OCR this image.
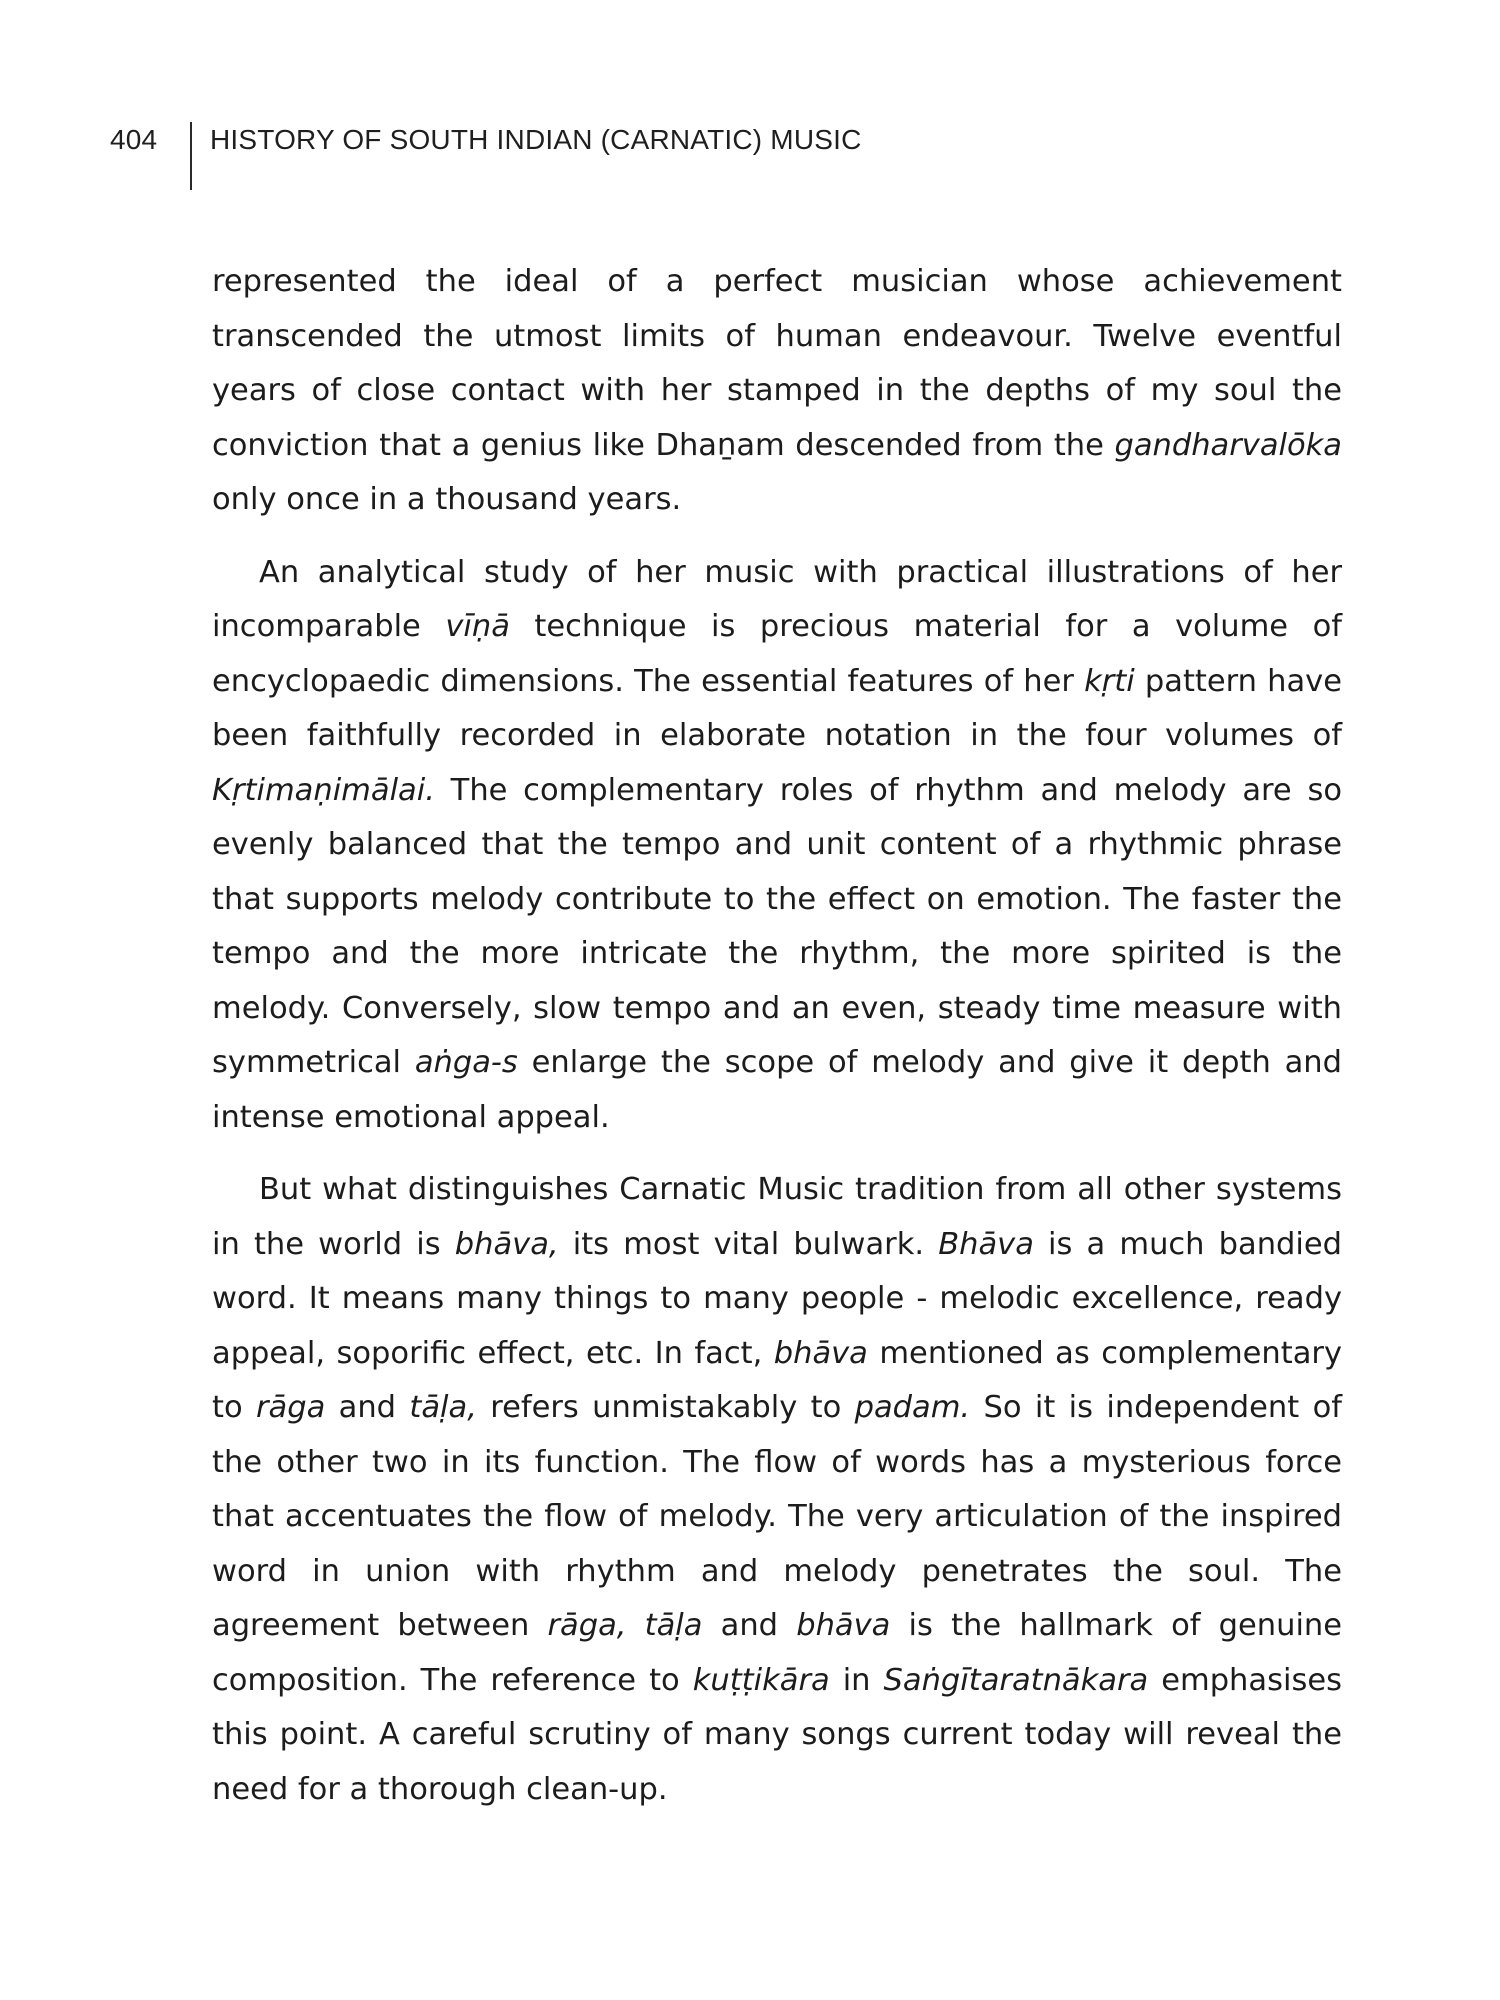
404 HISTORY OF SOUTH INDIAN (CARNATIC) MUSIC

represented the ideal of a perfect musician whose achievement transcended the utmost limits of human endeavour. Twelve eventful years of close contact with her stamped in the depths of my soul the conviction that a genius like Dhaṉam descended from the gandharvalōka only once in a thousand years.

An analytical study of her music with practical illustrations of her incomparable vīṇā technique is precious material for a volume of encyclopaedic dimensions. The essential features of her kṛti pattern have been faithfully recorded in elaborate notation in the four volumes of Kṛtimaṇimālai. The complementary roles of rhythm and melody are so evenly balanced that the tempo and unit content of a rhythmic phrase that supports melody contribute to the effect on emotion. The faster the tempo and the more intricate the rhythm, the more spirited is the melody. Conversely, slow tempo and an even, steady time measure with symmetrical aṅga-s enlarge the scope of melody and give it depth and intense emotional appeal.

But what distinguishes Carnatic Music tradition from all other systems in the world is bhāva, its most vital bulwark. Bhāva is a much bandied word. It means many things to many people - melodic excellence, ready appeal, soporific effect, etc. In fact, bhāva mentioned as complementary to rāga and tāḷa, refers unmistakably to padam. So it is independent of the other two in its function. The flow of words has a mysterious force that accentuates the flow of melody. The very articulation of the inspired word in union with rhythm and melody penetrates the soul. The agreement between rāga, tāḷa and bhāva is the hallmark of genuine composition. The reference to kuṭṭikāra in Saṅgītaratnākara emphasises this point. A careful scrutiny of many songs current today will reveal the need for a thorough clean-up.
